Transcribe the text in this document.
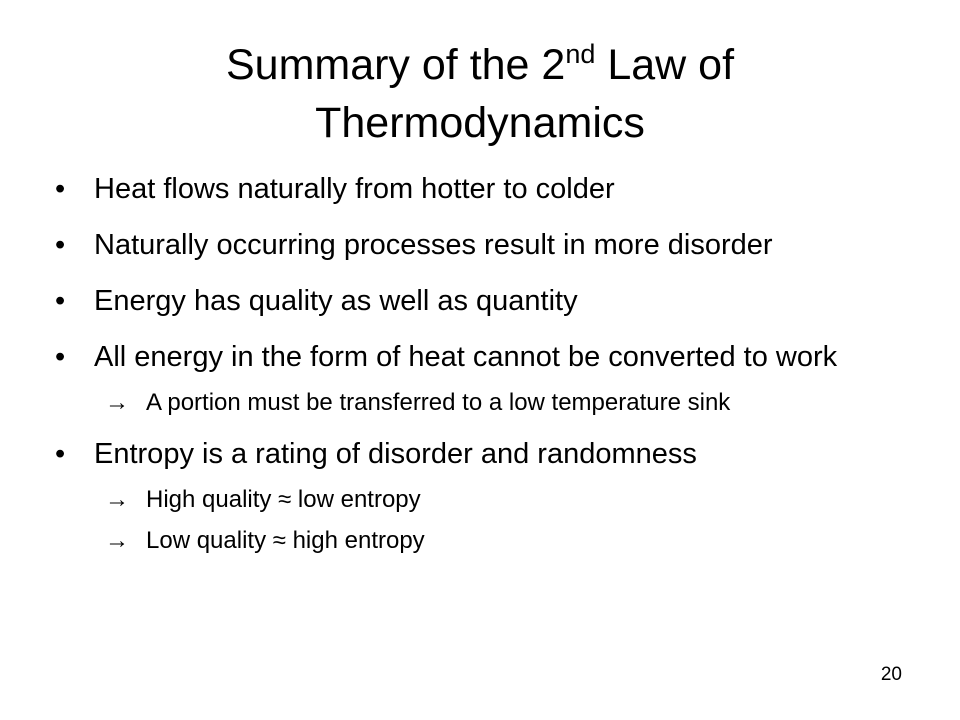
Summary of the 2nd Law of Thermodynamics
• Heat flows naturally from hotter to colder
• Naturally occurring processes result in more disorder
• Energy has quality as well as quantity
• All energy in the form of heat cannot be converted to work
→ A portion must be transferred to a low temperature sink
• Entropy is a rating of disorder and randomness
→ High quality ≈ low entropy
→ Low quality ≈ high entropy
20
